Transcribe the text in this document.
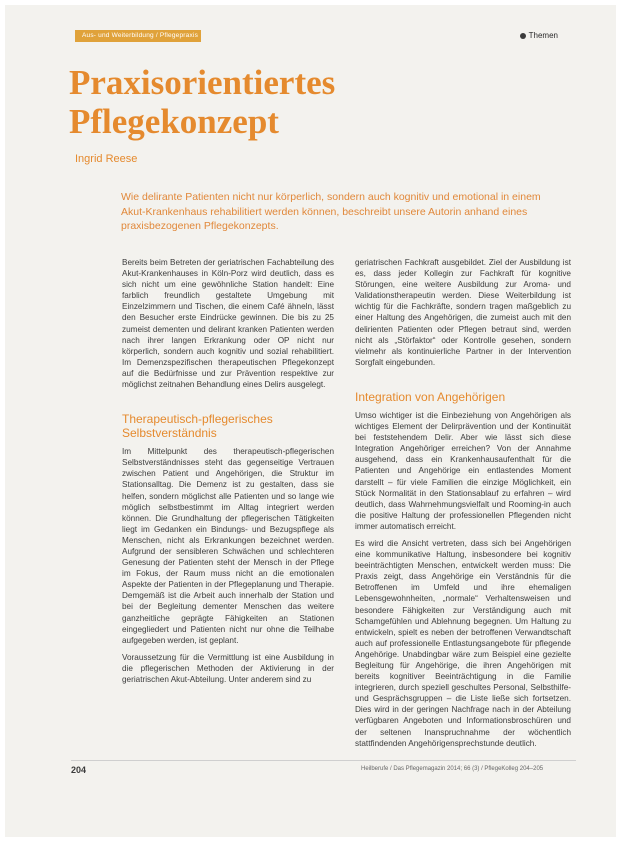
Aus- und Weiterbildung / Pflegepraxis	Themen
Praxisorientiertes
Pflegekonzept
Ingrid Reese

Wie delirante Patienten nicht nur körperlich, sondern auch kognitiv und emotional in einem Akut-Krankenhaus rehabilitiert werden können, beschreibt unsere Autorin anhand eines praxisbezogenen Pflegekonzepts.

Bereits beim Betreten der geriatrischen Fachabteilung des Akut-Krankenhauses in Köln-Porz wird deutlich, dass es sich nicht um eine gewöhnliche Station handelt: Eine farblich freundlich gestaltete Umgebung mit Einzelzimmern und Tischen, die einem Café ähneln, lässt den Besucher erste Eindrücke gewinnen. Die bis zu 25 zumeist dementen und delirant kranken Patienten werden nach ihrer langen Erkrankung oder OP nicht nur körperlich, sondern auch kognitiv und sozial rehabilitiert. Im Demenzspezifischen therapeutischen Pflegekonzept auf die Bedürfnisse und zur Prävention respektive zur möglichst zeitnahen Behandlung eines Delirs ausgelegt.

Therapeutisch-pflegerisches Selbstverständnis

Im Mittelpunkt des therapeutisch-pflegerischen Selbstverständnisses steht das gegenseitige Vertrauen zwischen Patient und Angehörigen, die Struktur im Stationsalltag. Die Demenz ist zu gestalten, dass sie helfen, sondern möglichst alle Patienten und so lange wie möglich selbstbestimmt im Alltag integriert werden können. Die Grundhaltung der pflegerischen Tätigkeiten liegt im Gedanken ein Bindungs- und Bezugspflege als Menschen, nicht als Erkrankungen bezeichnet werden. Aufgrund der sensibleren Schwächen und schlechteren Genesung der Patienten steht der Mensch in der Pflege im Fokus, der Raum muss nicht an die emotionalen Aspekte der Patienten in der Pflegeplanung und Therapie. Demgemäß ist die Arbeit auch innerhalb der Station und bei der Begleitung dementer Menschen das weitere ganzheitliche geprägte Fähigkeiten an Stationen eingegliedert und Patienten nicht nur ohne die Teilhabe aufgegeben werden, ist geplant.

Voraussetzung für die Vermittlung ist eine Ausbildung in die pflegerischen Methoden der Aktivierung in der geriatrischen Akut-Abteilung. Unter anderem sind zu

geriatrischen Fachkraft ausgebildet. Ziel der Ausbildung ist es, dass jeder Kollegin zur Fachkraft für kognitive Störungen, eine weitere Ausbildung zur Aroma- und Validationstherapeutin werden. Diese Weiterbildung ist wichtig für die Fachkräfte, sondern tragen maßgeblich zu einer Haltung des Angehörigen, die zumeist auch mit den delirienten Patienten oder Pflegen betraut sind, werden nicht als „Störfaktor“ oder Kontrolle gesehen, sondern vielmehr als kontinuierliche Partner in der Intervention Sorgfalt eingebunden.

Integration von Angehörigen

Umso wichtiger ist die Einbeziehung von Angehörigen als wichtiges Element der Delirprävention und der Kontinuität bei feststehendem Delir. Aber wie lässt sich diese Integration Angehöriger erreichen? Von der Annahme ausgehend, dass ein Krankenhausaufenthalt für die Patienten und Angehörige ein entlastendes Moment darstellt – für viele Familien die einzige Möglichkeit, ein Stück Normalität in den Stationsablauf zu erfahren – wird deutlich, dass Wahrnehmungsvielfalt und Rooming-in auch die positive Haltung der professionellen Pflegenden nicht immer automatisch erreicht.

Es wird die Ansicht vertreten, dass sich bei Angehörigen eine kommunikative Haltung, insbesondere bei kognitiv beeinträchtigten Menschen, entwickelt werden muss: Die Praxis zeigt, dass Angehörige ein Verständnis für die Betroffenen im Umfeld und ihre ehemaligen Lebensgewohnheiten, „normale“ Verhaltensweisen und besondere Fähigkeiten zur Verständigung auch mit Schamgefühlen und Ablehnung begegnen. Um Haltung zu entwickeln, spielt es neben der betroffenen Verwandtschaft auch auf professionelle Entlastungsangebote für pflegende Angehörige. Unabdingbar wäre zum Beispiel eine gezielte Begleitung für Angehörige, die ihren Angehörigen mit bereits kognitiver Beeinträchtigung in die Familie integrieren, durch speziell geschultes Personal, Selbsthilfe- und Gesprächsgruppen – die Liste ließe sich fortsetzen. Dies wird in der geringen Nachfrage nach in der Abteilung verfügbaren Angeboten und Informationsbroschüren und der seltenen Inanspruchnahme der wöchentlich stattfindenden Angehörigensprechstunde deutlich.

204	Heilberufe / Das Pflegemagazin 2014; 66 (3) / PflegeKolleg 204–205
